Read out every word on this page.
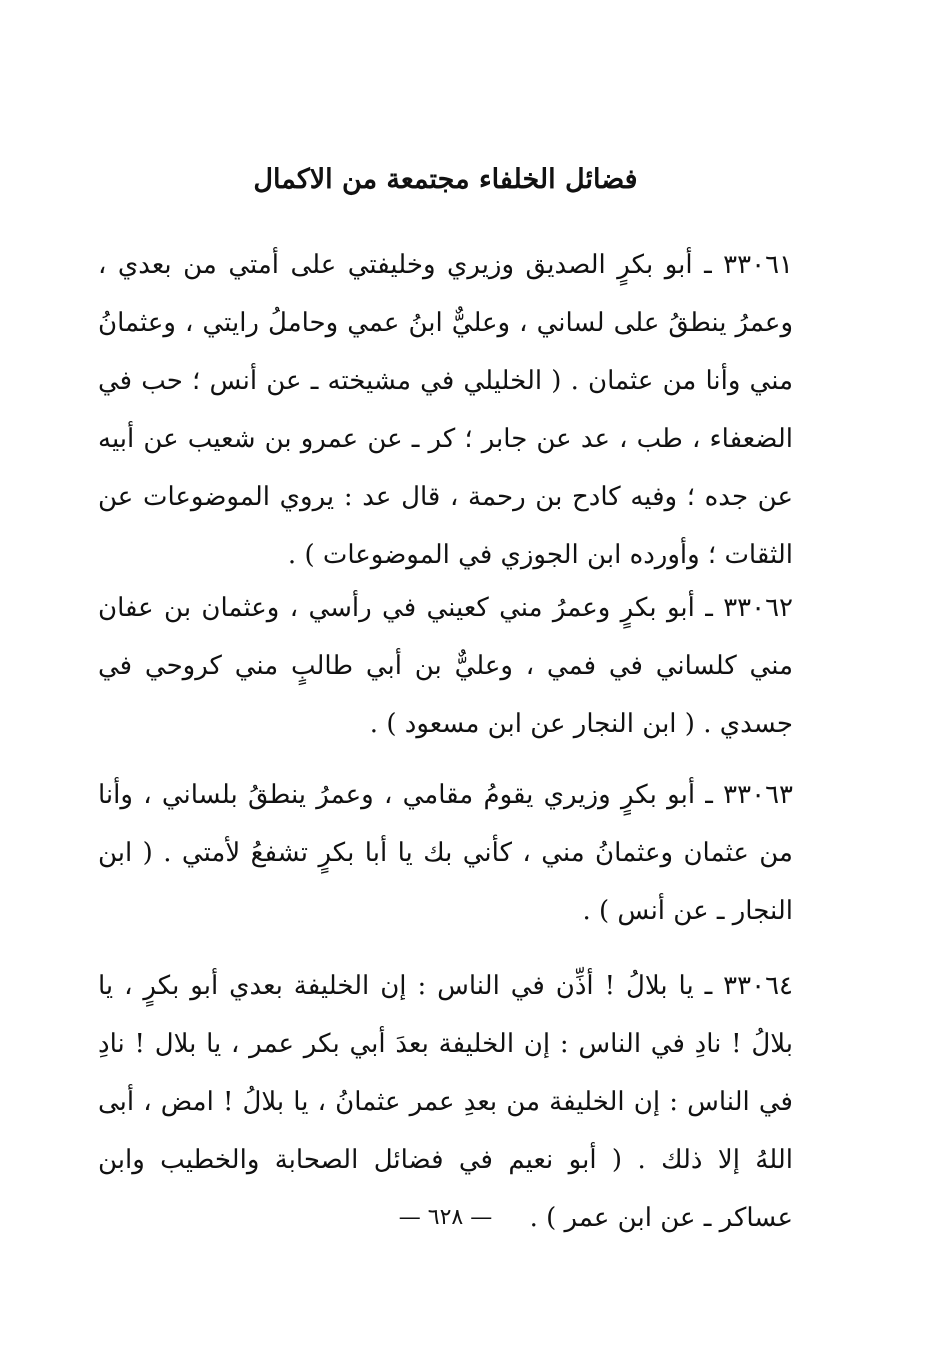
فضائل الخلفاء مجتمعة من الاكمال

٣٣٠٦١ ـ أبو بكرٍ الصديق وزيري وخليفتي على أمتي من بعدي ، وعمرُ ينطقُ على لساني ، وعليٌّ ابنُ عمي وحاملُ رايتي ، وعثمانُ مني وأنا من عثمان . ( الخليلي في مشيخته ـ عن أنس ؛ حب في الضعفاء ، طب ، عد عن جابر ؛ كر ـ عن عمرو بن شعيب عن أبيه عن جده ؛ وفيه كادح بن رحمة ، قال عد : يروي الموضوعات عن الثقات ؛ وأورده ابن الجوزي في الموضوعات ) .

٣٣٠٦٢ ـ أبو بكرٍ وعمرُ مني كعيني في رأسي ، وعثمان بن عفان مني كلساني في فمي ، وعليٌّ بن أبي طالبٍ مني كروحي في جسدي . ( ابن النجار عن ابن مسعود ) .

٣٣٠٦٣ ـ أبو بكرٍ وزيري يقومُ مقامي ، وعمرُ ينطقُ بلساني ، وأنا من عثمان وعثمانُ مني ، كأني بك يا أبا بكرٍ تشفعُ لأمتي . ( ابن النجار ـ عن أنس ) .

٣٣٠٦٤ ـ يا بلالُ ! أذِّن في الناس : إن الخليفة بعدي أبو بكرٍ ، يا بلالُ ! نادِ في الناس : إن الخليفة بعدَ أبي بكر عمر ، يا بلال ! نادِ في الناس : إن الخليفة من بعدِ عمر عثمانُ ، يا بلالُ ! امض ، أبى اللهُ إلا ذلك . ( أبو نعيم في فضائل الصحابة والخطيب وابن عساكر ـ عن ابن عمر ) .

— ٦٢٨ —
